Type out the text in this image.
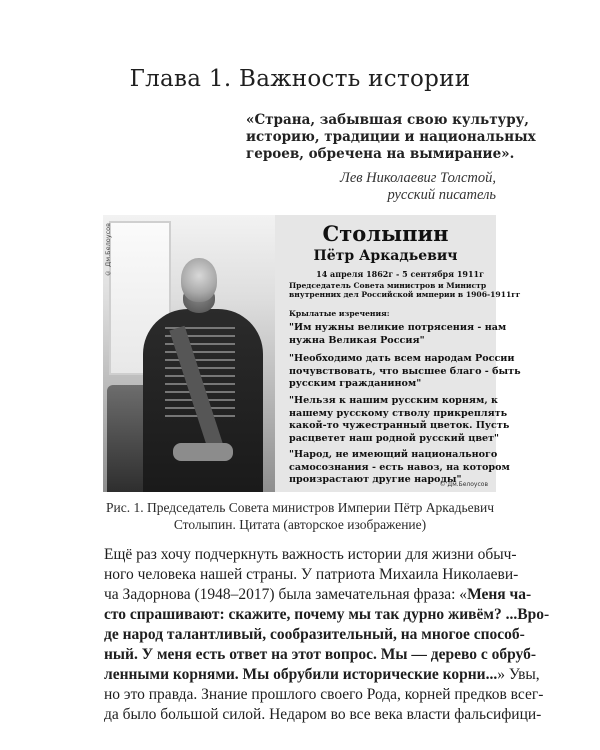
Глава 1. Важность истории
«Страна, забывшая свою культуру,
историю, традиции и национальных
героев, обречена на вымирание».
Лев Николаевиг Толстой,
русский писатель
© Дм.Белоусов	Столыпин
Пётр Аркадьевич
14 апреля 1862г - 5 сентября 1911г
Председатель Совета министров и Министр
внутренних дел Российской империи в 1906-1911гг
Крылатые изречения:
"Им нужны великие потрясения - нам
нужна Великая Россия"
"Необходимо дать всем народам России
почувствовать, что высшее благо - быть
русским гражданином"
"Нельзя к нашим русским корням, к
нашему русскому стволу прикреплять
какой-то чужестранный цветок. Пусть
расцветет наш родной русский цвет"
"Народ, не имеющий национального
самосознания - есть навоз, на котором
произрастают другие народы"
© Дм.Белоусов
Рис. 1. Председатель Совета министров Империи Пётр Аркадьевич
Столыпин. Цитата (авторское изображение)
Ещё раз хочу подчеркнуть важность истории для жизни обыч-
ного человека нашей страны. У патриота Михаила Николаеви-
ча Задорнова (1948–2017) была замечательная фраза: «Меня ча-
сто спрашивают: скажите, почему мы так дурно живём? ...Вро-
де народ талантливый, сообразительный, на многое способ-
ный. У меня есть ответ на этот вопрос. Мы — дерево с обруб-
ленными корнями. Мы обрубили исторические корни...» Увы,
но это правда. Знание прошлого своего Рода, корней предков всег-
да было большой силой. Недаром во все века власти фальсифици-
